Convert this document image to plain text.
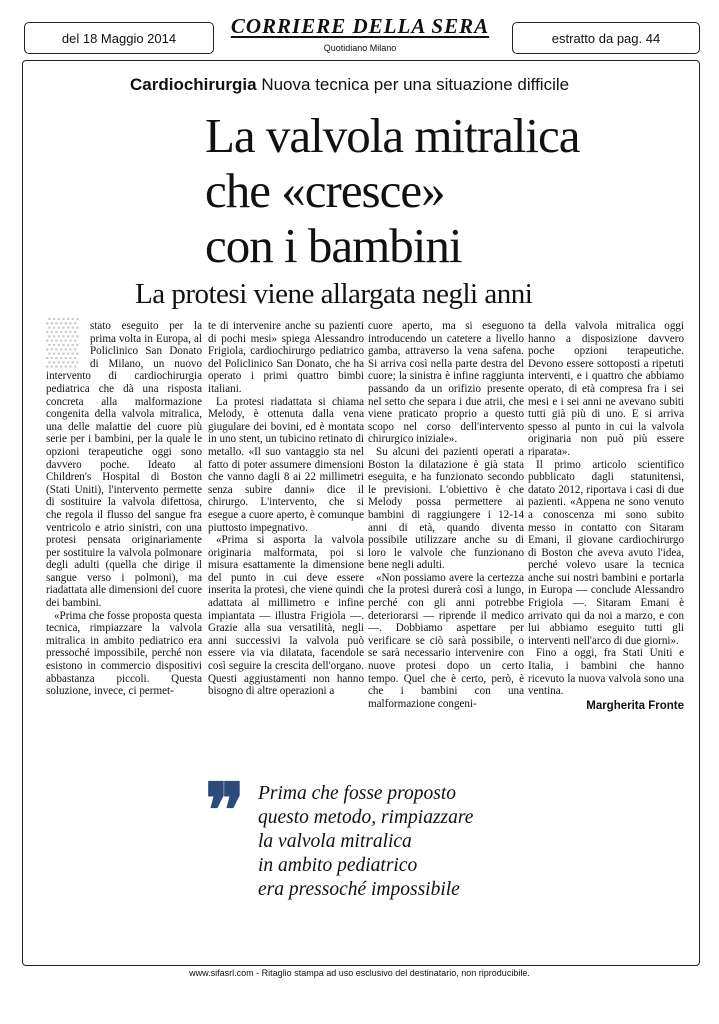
del 18 Maggio 2014	CORRIERE DELLA SERA
Quotidiano Milano
estratto da pag. 44
Cardiochirurgia Nuova tecnica per una situazione difficile
La valvola mitralica
che «cresce»
con i bambini
La protesi viene allargata negli anni
▒	stato eseguito per la prima volta in Europa, al Policlinico San Donato di Milano, un nuovo intervento di cardiochirurgia pediatrica che dà una risposta concreta alla malformazione congenita della valvola mitralica, una delle malattie del cuore più serie per i bambini, per la quale le opzioni terapeutiche oggi sono davvero poche. Ideato al Children's Hospital di Boston (Stati Uniti), l'intervento permette di sostituire la valvola difettosa, che regola il flusso del sangue fra ventricolo e atrio sinistri, con una protesi pensata originariamente per sostituire la valvola polmonare degli adulti (quella che dirige il sangue verso i polmoni), ma riadattata alle dimensioni del cuore dei bambini.

«Prima che fosse proposta questa tecnica, rimpiazzare la valvola mitralica in ambito pediatrico era pressoché impossibile, perché non esistono in commercio dispositivi abbastanza piccoli. Questa soluzione, invece, ci permet-

te di intervenire anche su pazienti di pochi mesi» spiega Alessandro Frigiola, cardiochirurgo pediatrico del Policlinico San Donato, che ha operato i primi quattro bimbi italiani.

La protesi riadattata si chiama Melody, è ottenuta dalla vena giugulare dei bovini, ed è montata in uno stent, un tubicino retinato di metallo. «Il suo vantaggio sta nel fatto di poter assumere dimensioni che vanno dagli 8 ai 22 millimetri senza subire danni» dice il chirurgo. L'intervento, che si esegue a cuore aperto, è comunque piuttosto impegnativo.

«Prima si asporta la valvola originaria malformata, poi si misura esattamente la dimensione del punto in cui deve essere inserita la protesi, che viene quindi adattata al millimetro e infine impiantata — illustra Frigiola —. Grazie alla sua versatilità, negli anni successivi la valvola può essere via via dilatata, facendole così seguire la crescita dell'organo. Questi aggiustamenti non hanno bisogno di altre operazioni a

cuore aperto, ma si eseguono introducendo un catetere a livello gamba, attraverso la vena safena. Si arriva così nella parte destra del cuore; la sinistra è infine raggiunta passando da un orifizio presente nel setto che separa i due atrii, che viene praticato proprio a questo scopo nel corso dell'intervento chirurgico iniziale».

Su alcuni dei pazienti operati a Boston la dilatazione è già stata eseguita, e ha funzionato secondo le previsioni. L'obiettivo è che Melody possa permettere ai bambini di raggiungere i 12-14 anni di età, quando diventa possibile utilizzare anche su di loro le valvole che funzionano bene negli adulti.

«Non possiamo avere la certezza che la protesi durerà così a lungo, perché con gli anni potrebbe deteriorarsi — riprende il medico —. Dobbiamo aspettare per verificare se ciò sarà possibile, o se sarà necessario intervenire con nuove protesi dopo un certo tempo. Quel che è certo, però, è che i bambini con una malformazione congeni-

ta della valvola mitralica oggi hanno a disposizione davvero poche opzioni terapeutiche. Devono essere sottoposti a ripetuti interventi, e i quattro che abbiamo operato, di età compresa fra i sei mesi e i sei anni ne avevano subiti tutti già più di uno. E si arriva spesso al punto in cui la valvola originaria non può più essere riparata».

Il primo articolo scientifico pubblicato dagli statunitensi, datato 2012, riportava i casi di due pazienti. «Appena ne sono venuto a conoscenza mi sono subito messo in contatto con Sitaram Emani, il giovane cardiochirurgo di Boston che aveva avuto l'idea, perché volevo usare la tecnica anche sui nostri bambini e portarla in Europa — conclude Alessandro Frigiola —. Sitaram Emani è arrivato qui da noi a marzo, e con lui abbiamo eseguito tutti gli interventi nell'arco di due giorni».

Fino a oggi, fra Stati Uniti e Italia, i bambini che hanno ricevuto la nuova valvola sono una ventina.

Margherita Fronte
❞ Prima che fosse proposto
questo metodo, rimpiazzare
la valvola mitralica
in ambito pediatrico
era pressoché impossibile
www.sifasrl.com - Ritaglio stampa ad uso esclusivo del destinatario, non riproducibile.
